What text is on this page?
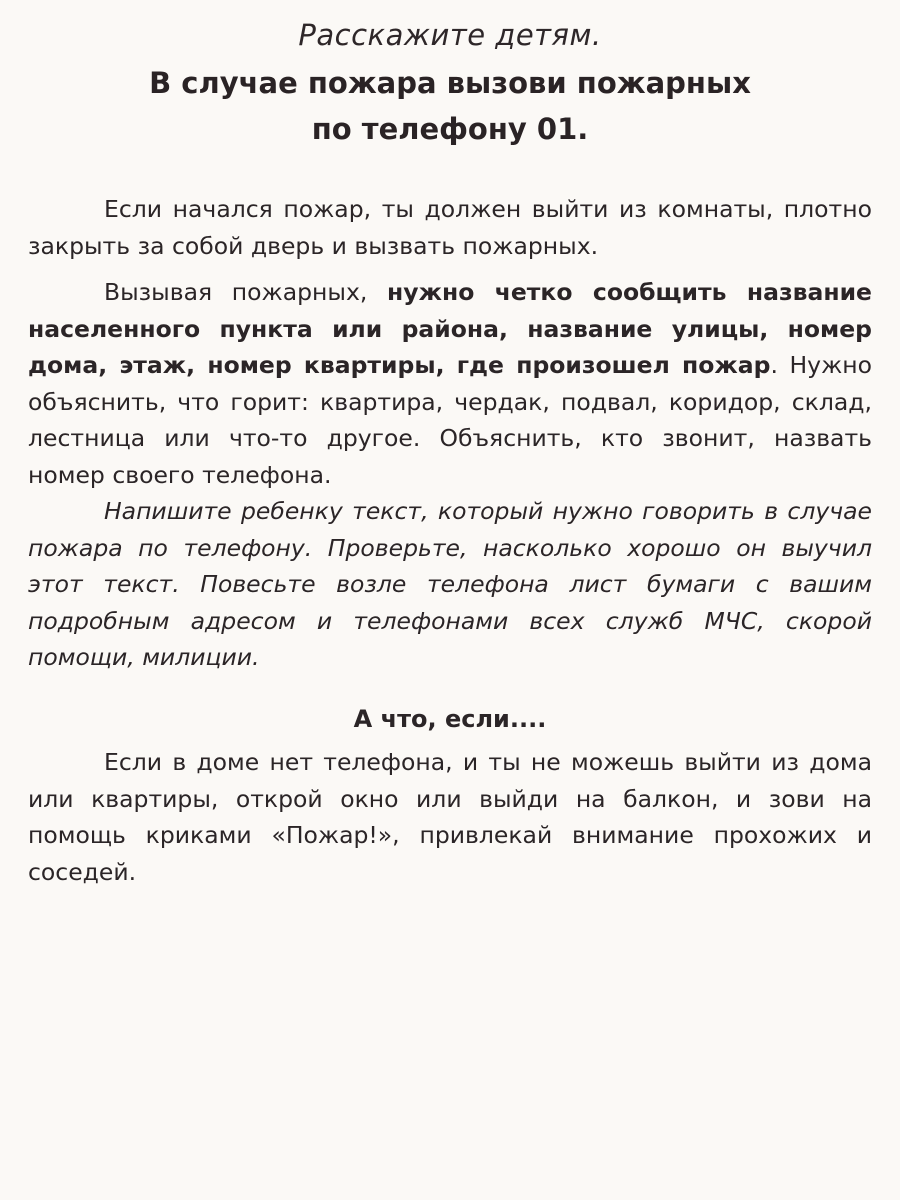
Расскажите детям.
В случае пожара вызови пожарных
по телефону 01.

Если начался пожар, ты должен выйти из комнаты, плотно закрыть за собой дверь и вызвать пожарных.

Вызывая пожарных, нужно четко сообщить название населенного пункта или района, название улицы, номер дома, этаж, номер квартиры, где произошел пожар. Нужно объяснить, что горит: квартира, чердак, подвал, коридор, склад, лестница или что-то другое. Объяснить, кто звонит, назвать номер своего телефона.

Напишите ребенку текст, который нужно говорить в случае пожара по телефону. Проверьте, насколько хорошо он выучил этот текст. Повесьте возле телефона лист бумаги с вашим подробным адресом и телефонами всех служб МЧС, скорой помощи, милиции.

А что, если....

Если в доме нет телефона, и ты не можешь выйти из дома или квартиры, открой окно или выйди на балкон, и зови на помощь криками «Пожар!», привлекай внимание прохожих и соседей.
